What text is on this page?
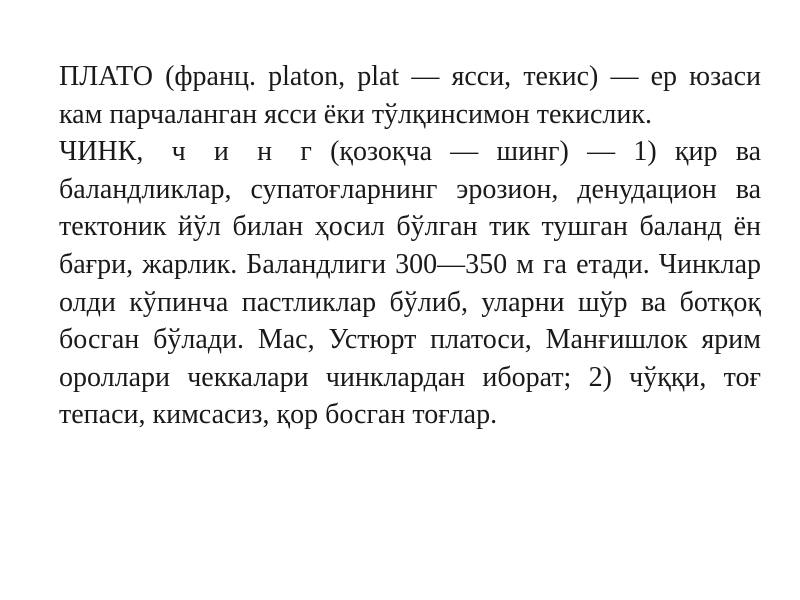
ПЛАТО (франц. platon, plat — ясси, текис) — ер юзаси кам парчаланган ясси ёки тўлқинсимон текислик.

ЧИНК, ч и н г (қозоқча — шинг) — 1) қир ва баландликлар, супатоғларнинг эрозион, денудацион ва тектоник йўл билан ҳосил бўлган тик тушган баланд ён бағри, жарлик. Баландлиги 300—350 м га етади. Чинклар олди кўпинча пастликлар бўлиб, уларни шўр ва ботқоқ босган бўлади. Мас, Устюрт платоси, Манғишлок ярим ороллари чеккалари чинклардан иборат; 2) чўққи, тоғ тепаси, кимсасиз, қор босган тоғлар.
